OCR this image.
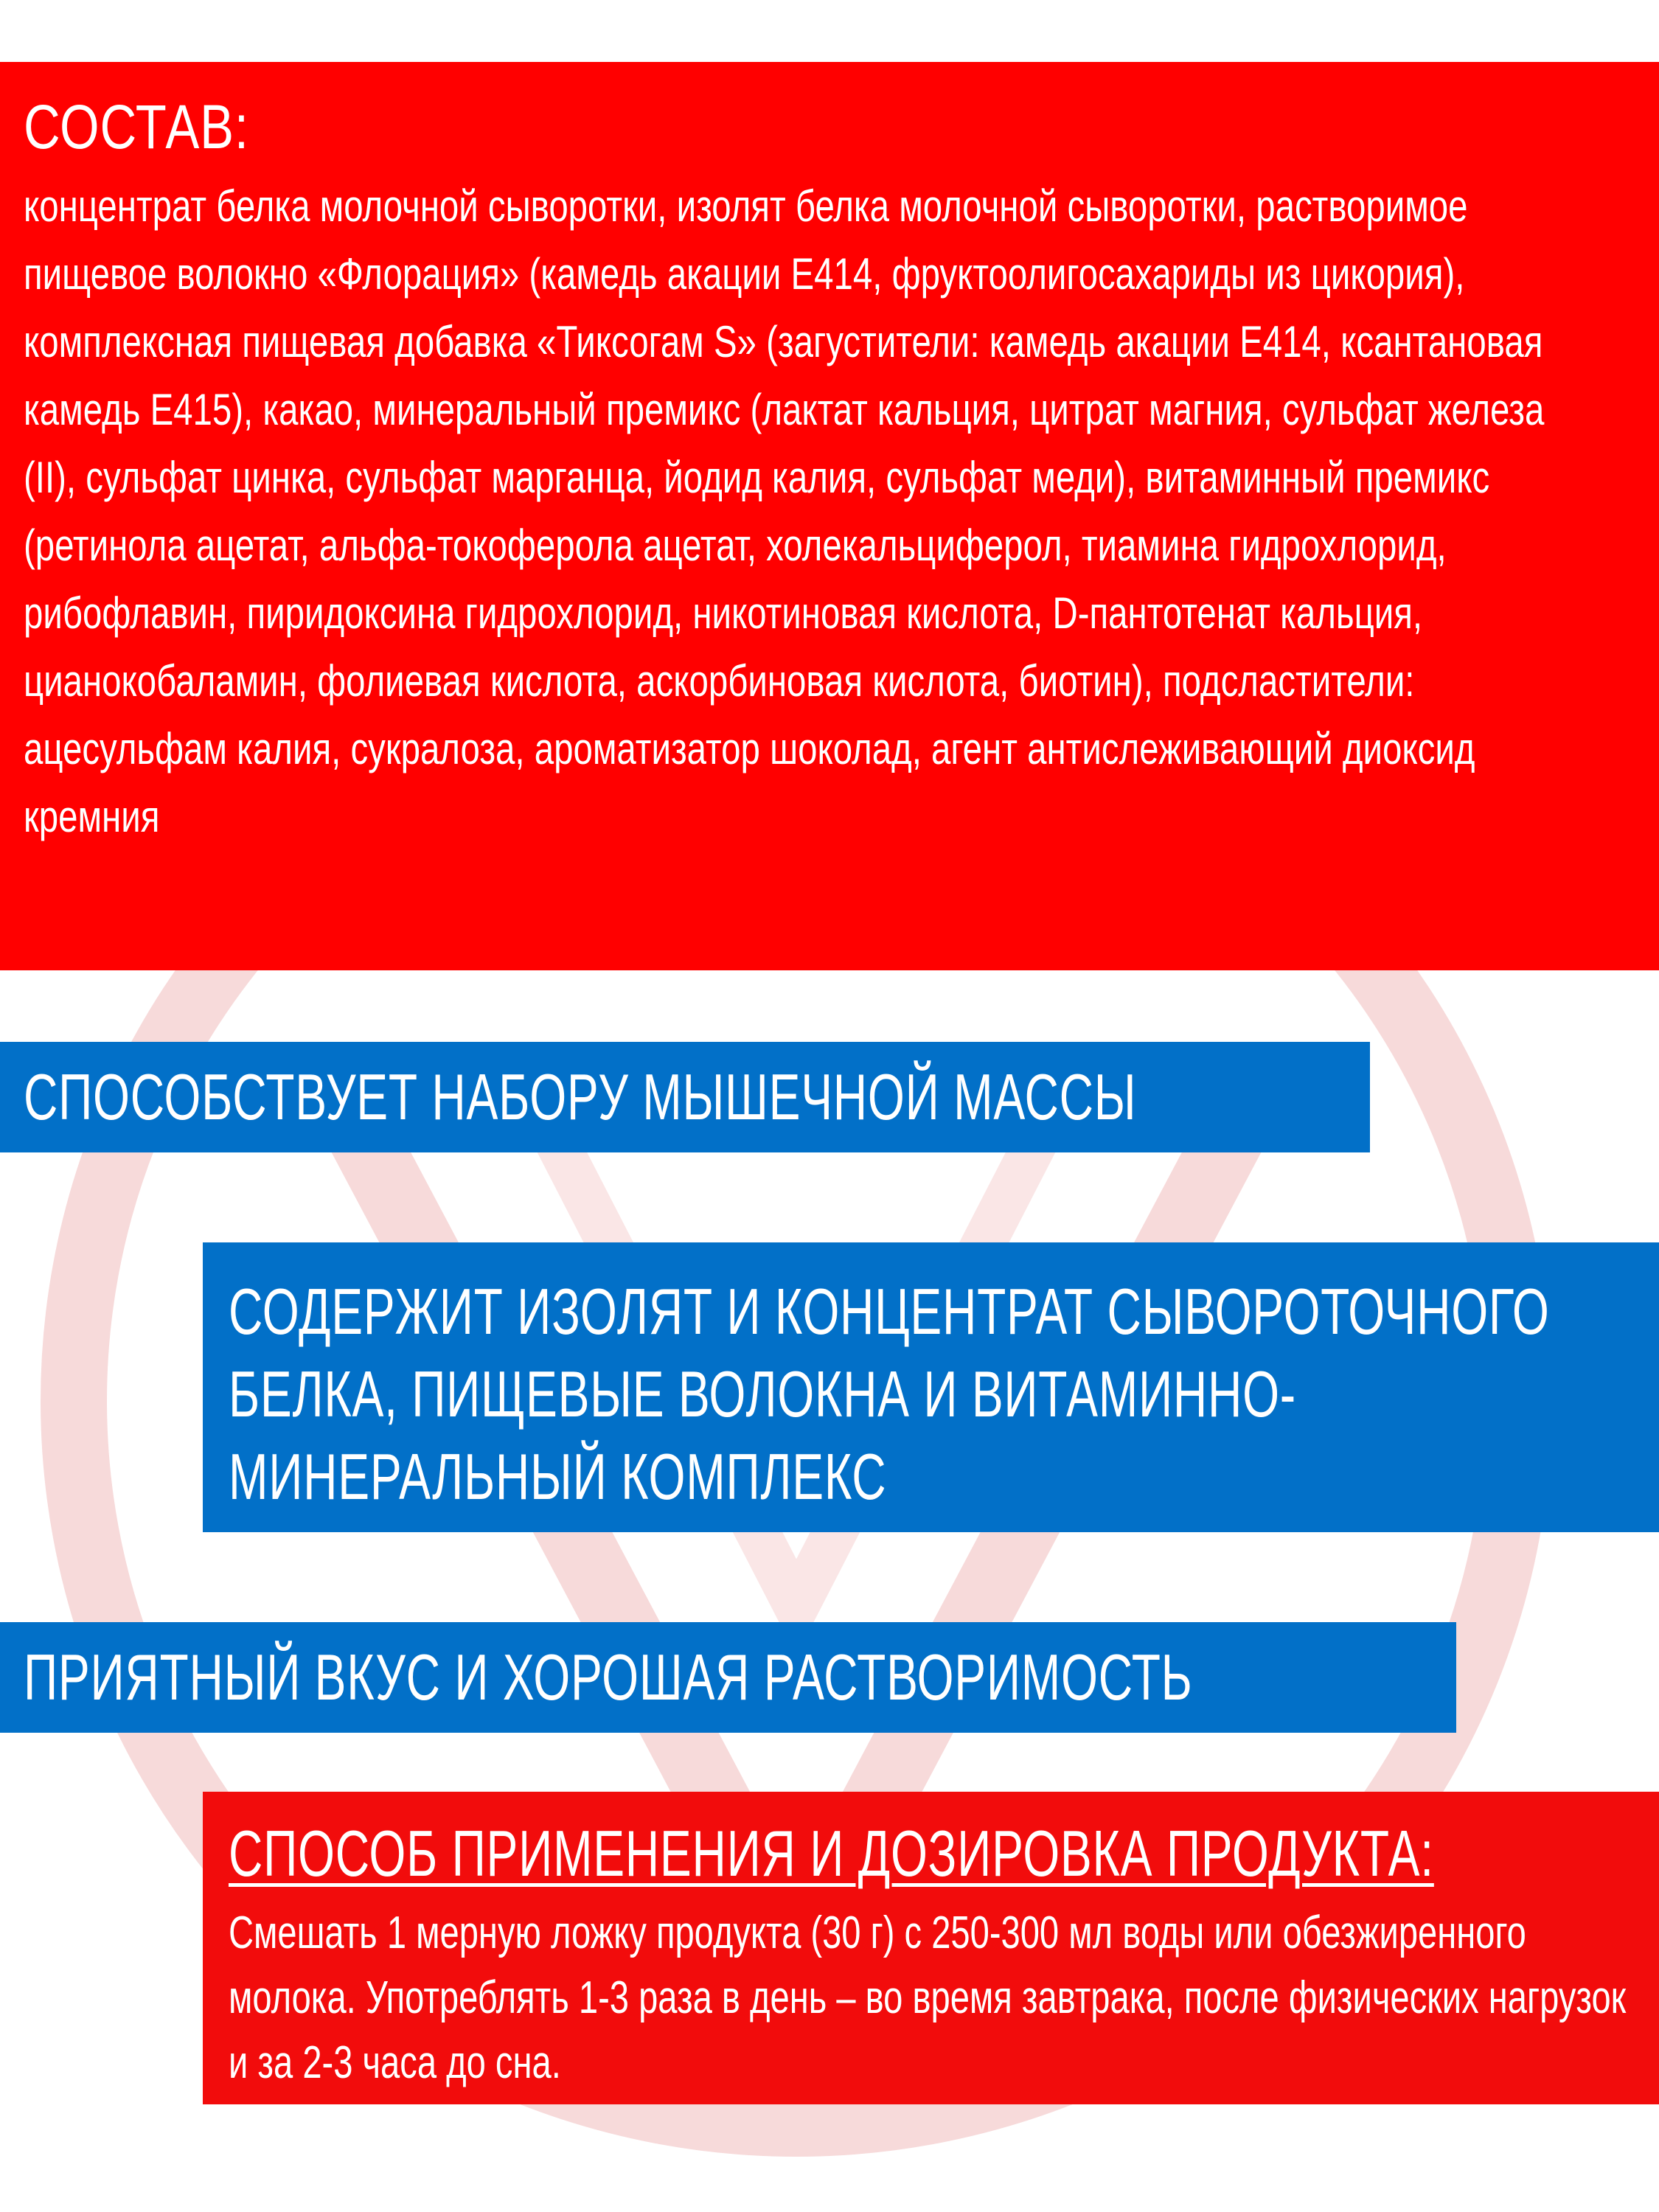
СОСТАВ:
концентрат белка молочной сыворотки, изолят белка молочной сыворотки, растворимое пищевое волокно «Флорация» (камедь акации Е414, фруктоолигосахариды из цикория), комплексная пищевая добавка «Тиксогам S» (загустители: камедь акации Е414, ксантановая камедь Е415), какао, минеральный премикс (лактат кальция, цитрат магния, сульфат железа (II), сульфат цинка, сульфат марганца, йодид калия, сульфат меди), витаминный премикс (ретинола ацетат, альфа-токоферола ацетат, холекальциферол, тиамина гидрохлорид, рибофлавин, пиридоксина гидрохлорид, никотиновая кислота, D-пантотенат кальция, цианокобаламин, фолиевая кислота, аскорбиновая кислота, биотин), подсластители: ацесульфам калия, сукралоза, ароматизатор шоколад, агент антислеживающий диоксид кремния
СПОСОБСТВУЕТ НАБОРУ МЫШЕЧНОЙ МАССЫ
СОДЕРЖИТ ИЗОЛЯТ И КОНЦЕНТРАТ СЫВОРОТОЧНОГО БЕЛКА, ПИЩЕВЫЕ ВОЛОКНА И ВИТАМИННО-МИНЕРАЛЬНЫЙ КОМПЛЕКС
ПРИЯТНЫЙ ВКУС И ХОРОШАЯ РАСТВОРИМОСТЬ
СПОСОБ ПРИМЕНЕНИЯ И ДОЗИРОВКА ПРОДУКТА:
Смешать 1 мерную ложку продукта (30 г) с 250-300 мл воды или обезжиренного молока. Употреблять 1-3 раза в день – во время завтрака, после физических нагрузок и за 2-3 часа до сна.
